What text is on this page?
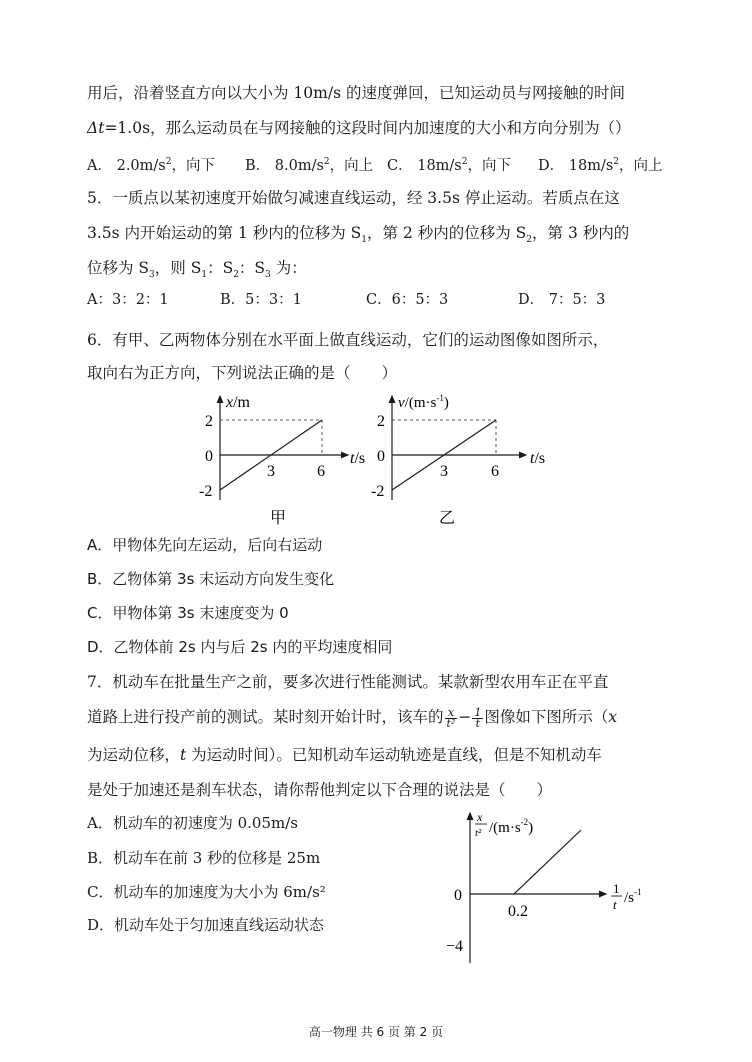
用后，沿着竖直方向以大小为 10m/s 的速度弹回，已知运动员与网接触的时间
Δt=1.0s，那么运动员在与网接触的这段时间内加速度的大小和方向分别为（）
A． $2.0m/s^2$，向下 B． $8.0m/s^2$，向上 C． $18m/s^2$，向下 D． $18m/s^2$，向上
5．一质点以某初速度开始做匀减速直线运动，经 3.5s 停止运动。若质点在这
3.5s 内开始运动的第 1 秒内的位移为 $S_1$，第 2 秒内的位移为 $S_2$，第 3 秒内的
位移为 $S_3$，则 $S_1$：$S_2$：$S_3$ 为：
A：3：2：1	B．5：3：1	C．6：5：3	D． 7：5：3
6．有甲、乙两物体分别在水平面上做直线运动，它们的运动图像如图所示，
取向右为正方向，下列说法正确的是（　　）
x/m
t/s
2
0
-2
3	6
甲
$v/(m\cdot s^{-1})$
t/s
2
0
-2
3	6
乙
A．甲物体先向左运动，后向右运动
B．乙物体第 3s 末运动方向发生变化
C．甲物体第 3s 末速度变为 0
D．乙物体前 2s 内与后 2s 内的平均速度相同
7．机动车在批量生产之前，要多次进行性能测试。某款新型农用车正在平直
道路上进行投产前的测试。某时刻开始计时，该车的 $\frac{x}{\text{t²}} - \frac{1}{t}$ 图像如下图所示（x
为运动位移，t 为运动时间）。已知机动车运动轨迹是直线，但是不知机动车
是处于加速还是刹车状态，请你帮他判定以下合理的说法是（　　）
A．机动车的初速度为 0.05m/s
B．机动车在前 3 秒的位移是 25m
C．机动车的加速度为大小为 6m/s²
D．机动车处于匀加速直线运动状态
x
t² $/(m\cdot s^{-2})$
1
t $/s^{-1}$
0
0.2
−4
高一物理 共 6 页 第 2 页
